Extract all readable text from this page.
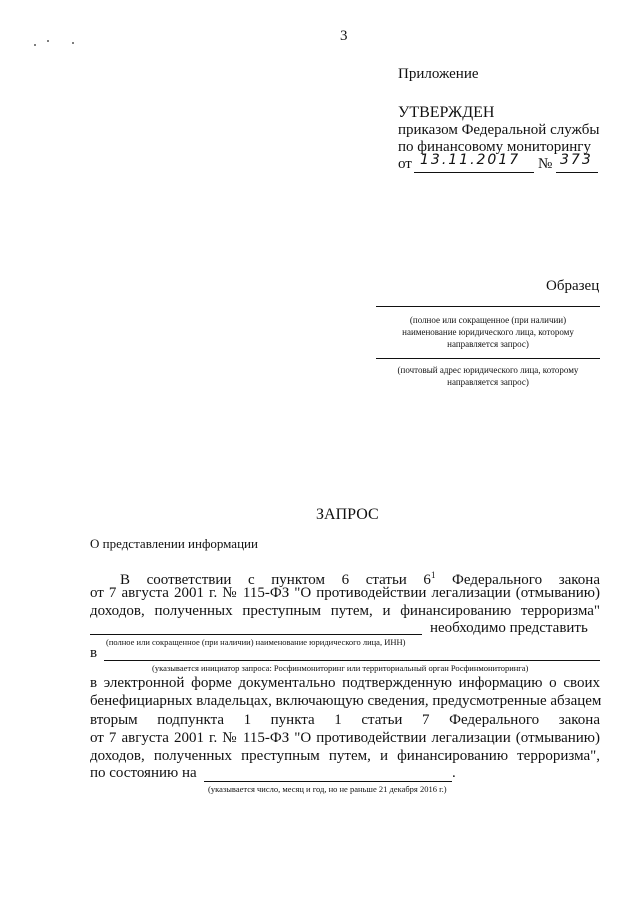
3
Приложение
УТВЕРЖДЕН
приказом Федеральной службы
по финансовому мониторингу
от 13.11.2017 № 373
Образец
(полное или сокращенное (при наличии)
наименование юридического лица, которому
направляется запрос)
(почтовый адрес юридического лица, которому
направляется запрос)
ЗАПРОС
О представлении информации
В соответствии с пунктом 6 статьи $6^1$ Федерального закона
от 7 августа 2001 г. № 115-ФЗ "О противодействии легализации (отмыванию)
доходов, полученных преступным путем, и финансированию терроризма"
необходимо представить
(полное или сокращенное (при наличии) наименование юридического лица, ИНН)
в
(указывается инициатор запроса: Росфинмониторинг или территориальный орган Росфинмониторинга)
в электронной форме документально подтвержденную информацию о своих
бенефициарных владельцах, включающую сведения, предусмотренные абзацем
вторым подпункта 1 пункта 1 статьи 7 Федерального закона
от 7 августа 2001 г. № 115-ФЗ "О противодействии легализации (отмыванию)
доходов, полученных преступным путем, и финансированию терроризма",
по состоянию на	.
(указывается число, месяц и год, но не раньше 21 декабря 2016 г.)
